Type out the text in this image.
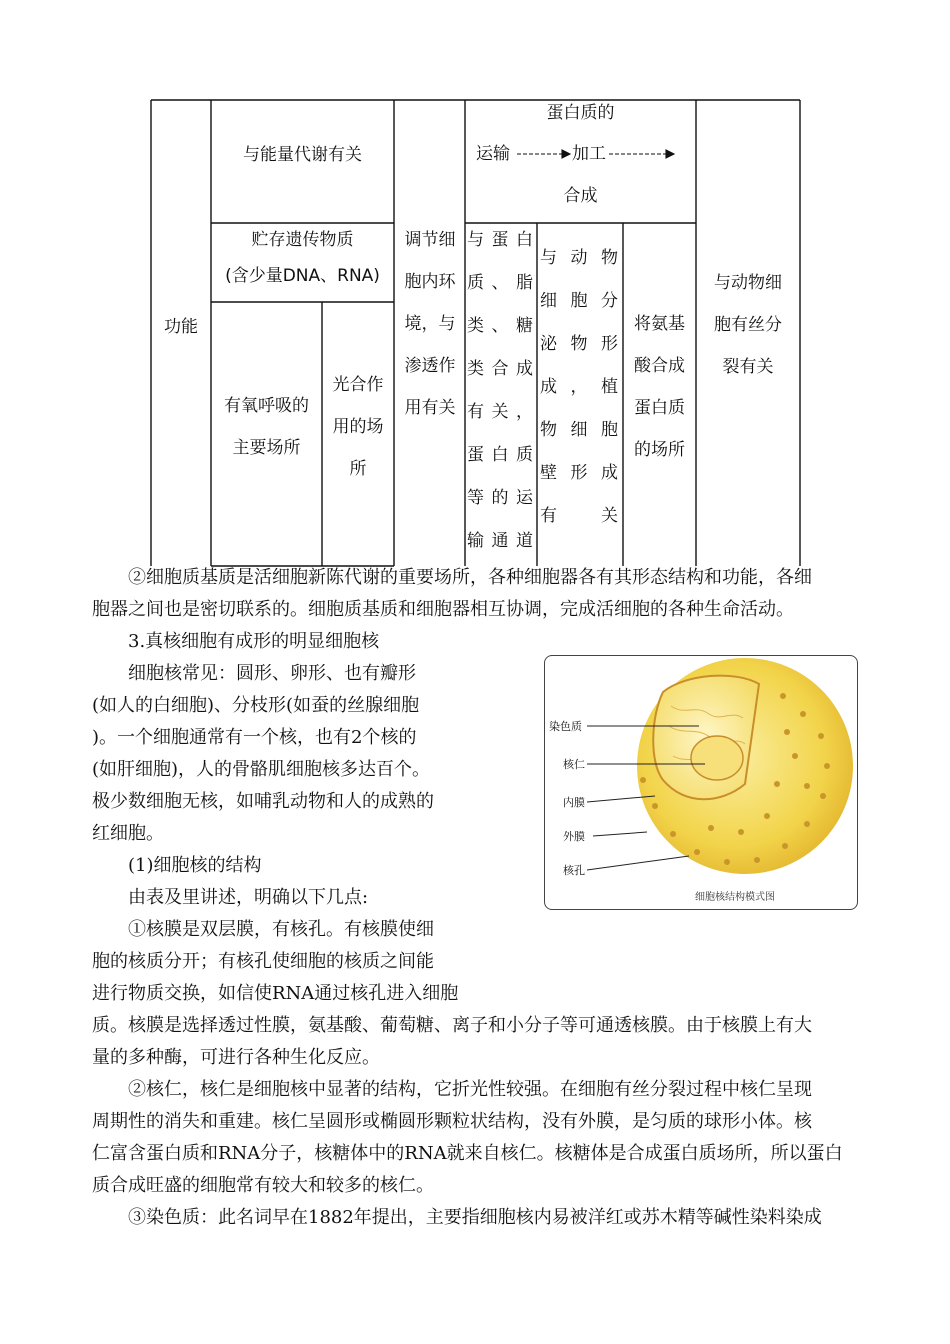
功能
与能量代谢有关
贮存遗传物质
(含少量DNA、RNA)
有氧呼吸的
主要场所
光合作
用的场
所
调节细
胞内环
境，与
渗透作
用有关
蛋白质的
运输	加工
合成
与蛋白
质、脂
类、糖
类合成
有关，
蛋白质
等的运
输通道
与动物
细胞分
泌物形
成，植
物细胞
壁形成
有关
将氨基
酸合成
蛋白质
的场所
与动物细
胞有丝分
裂有关
②细胞质基质是活细胞新陈代谢的重要场所，各种细胞器各有其形态结构和功能，各细
胞器之间也是密切联系的。细胞质基质和细胞器相互协调，完成活细胞的各种生命活动。
3.真核细胞有成形的明显细胞核
细胞核常见：圆形、卵形、也有瓣形
(如人的白细胞)、分枝形(如蚕的丝腺细胞
)。一个细胞通常有一个核，也有2个核的
(如肝细胞)，人的骨骼肌细胞核多达百个。
极少数细胞无核，如哺乳动物和人的成熟的
红细胞。
(1)细胞核的结构
由表及里讲述，明确以下几点:
①核膜是双层膜，有核孔。有核膜使细
胞的核质分开；有核孔使细胞的核质之间能
进行物质交换，如信使RNA通过核孔进入细胞
质。核膜是选择透过性膜，氨基酸、葡萄糖、离子和小分子等可通透核膜。由于核膜上有大
量的多种酶，可进行各种生化反应。
②核仁，核仁是细胞核中显著的结构，它折光性较强。在细胞有丝分裂过程中核仁呈现
周期性的消失和重建。核仁呈圆形或椭圆形颗粒状结构，没有外膜，是匀质的球形小体。核
仁富含蛋白质和RNA分子，核糖体中的RNA就来自核仁。核糖体是合成蛋白质场所，所以蛋白
质合成旺盛的细胞常有较大和较多的核仁。
③染色质：此名词早在1882年提出，主要指细胞核内易被洋红或苏木精等碱性染料染成
染色质
核仁
内膜
外膜
核孔
细胞核结构模式图
